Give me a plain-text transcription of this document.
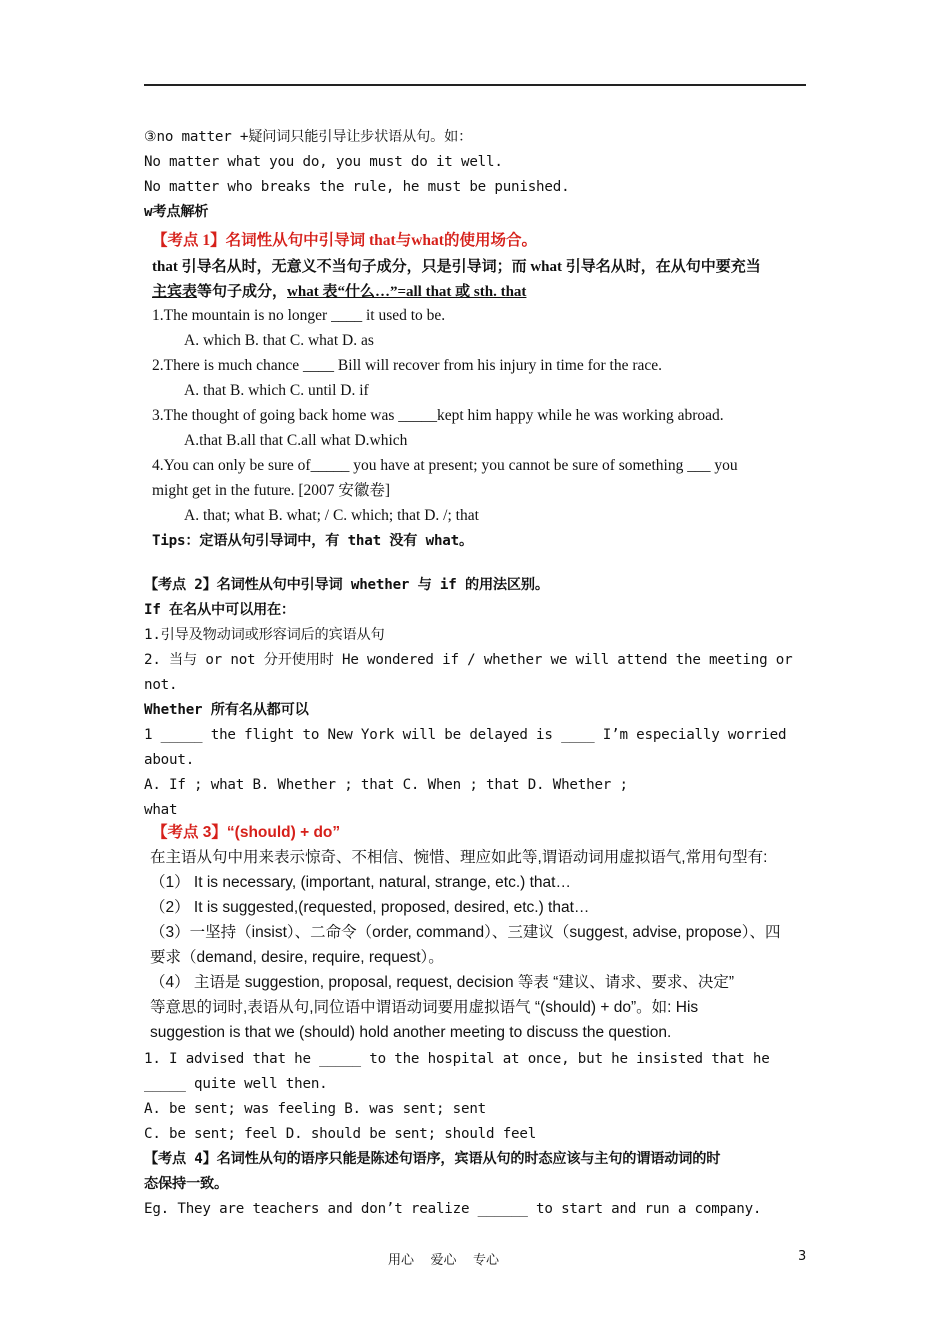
③no matter +疑问词只能引导让步状语从句。如：
No matter what you do, you must do it well.
No matter who breaks the rule, he must be punished.
w考点解析
【考点 1】名词性从句中引导词 that与what的使用场合。
that 引导名从时，无意义不当句子成分，只是引导词；而 what 引导名从时，在从句中要充当
主宾表等句子成分，what 表“什么…”=all that 或 sth. that
1.The mountain is no longer ____ it used to be.
A. which B. that C. what D. as
2.There is much chance ____ Bill will recover from his injury in time for the race.
A. that B. which C. until D. if
3.The thought of going back home was _____kept him happy while he was working abroad.
A.that B.all that C.all what D.which
4.You can only be sure of_____ you have at present; you cannot be sure of something ___ you
might get in the future. [2007 安徽卷]
A. that; what B. what; / C. which; that D. /; that
Tips：定语从句引导词中，有 that 没有 what。
【考点 2】名词性从句中引导词 whether 与 if 的用法区别。
If 在名从中可以用在：
1.引导及物动词或形容词后的宾语从句
2. 当与 or not 分开使用时 He wondered if / whether we will attend the meeting or
not.
Whether 所有名从都可以
1 _____ the flight to New York will be delayed is ____ I’m especially worried
about.
A. If ; what B. Whether ; that C. When ; that D. Whether ;
what
【考点 3】“(should) + do”
在主语从句中用来表示惊奇、不相信、惋惜、理应如此等,谓语动词用虚拟语气,常用句型有:
（1） It is necessary, (important, natural, strange, etc.) that…
（2） It is suggested,(requested, proposed, desired, etc.) that…
（3）一坚持（insist）、二命令（order, command）、三建议（suggest, advise, propose）、四
要求（demand, desire, require, request）。
（4） 主语是 suggestion, proposal, request, decision 等表 “建议、请求、要求、决定”
等意思的词时,表语从句,同位语中谓语动词要用虚拟语气 “(should) + do”。如: His
suggestion is that we (should) hold another meeting to discuss the question.
1. I advised that he _____ to the hospital at once, but he insisted that he
_____ quite well then.
A. be sent; was feeling B. was sent; sent
C. be sent; feel D. should be sent; should feel
【考点 4】名词性从句的语序只能是陈述句语序，宾语从句的时态应该与主句的谓语动词的时
态保持一致。
Eg. They are teachers and don’t realize ______ to start and run a company.
用心    爱心    专心	3
